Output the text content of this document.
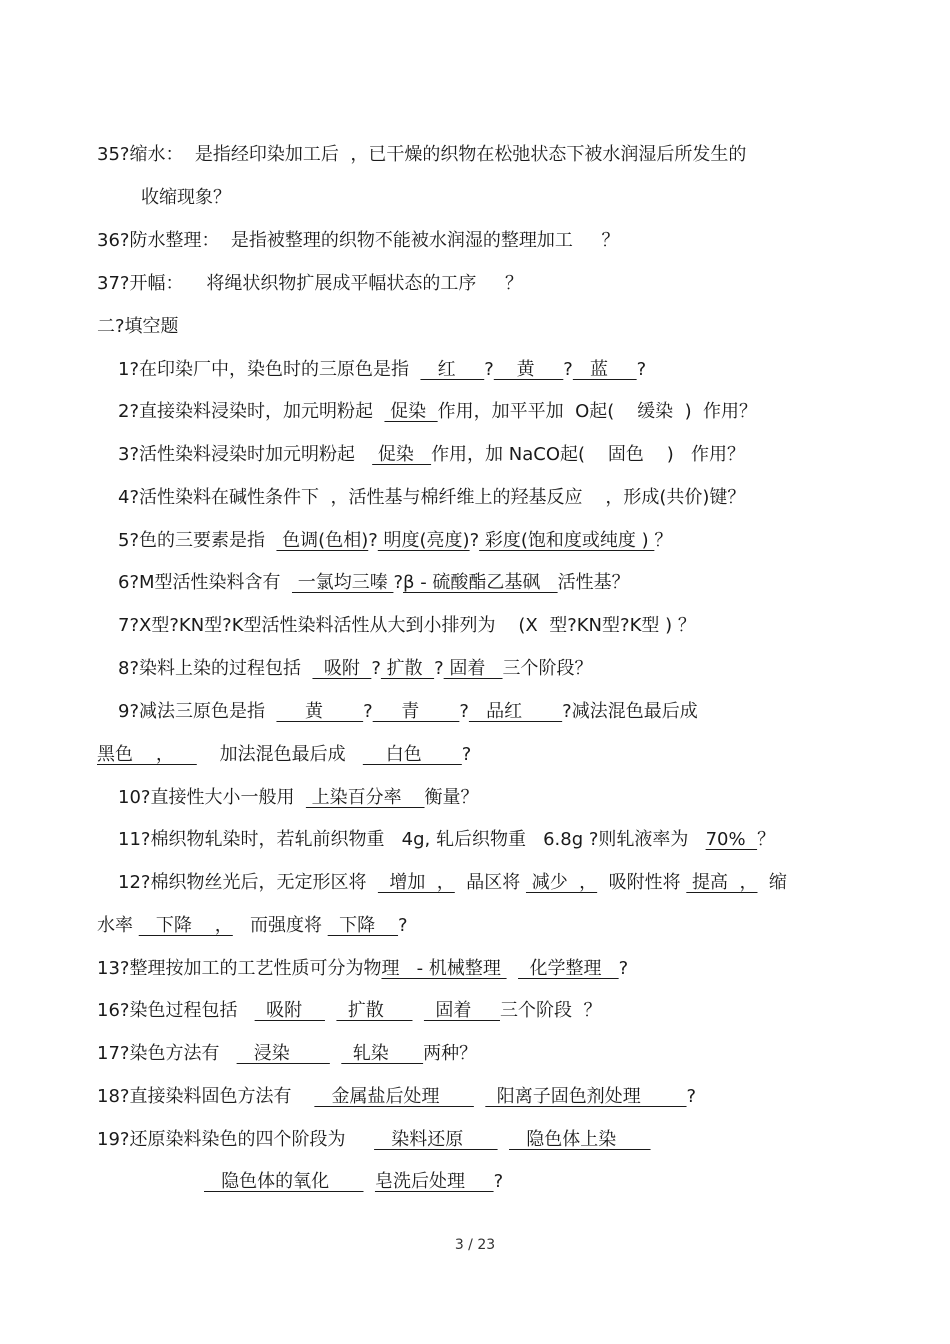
35?缩水：  是指经印染加工后  ，已干燥的织物在松弛状态下被水润湿后所发生的
收缩现象？
36?防水整理：  是指被整理的织物不能被水润湿的整理加工     ？
37?开幅：    将绳状织物扩展成平幅状态的工序     ？
二?填空题
1?在印染厂中，染色时的三原色是指     红     ?    黄     ?   蓝     ?
2?直接染料浸染时，加元明粉起   促染  作用，加平平加  O起(    缓染  )  作用？
3?活性染料浸染时加元明粉起    促染   作用，加 NaCO起(    固色    )   作用？
4?活性染料在碱性条件下  ，活性基与棉纤维上的羟基反应    ，形成(共价)键？
5?色的三要素是指   色调(色相)? 明度(亮度)? 彩度(饱和度或纯度 ) ？
6?M型活性染料含有   一氯均三嗪 ?β - 硫酸酯乙基砜   活性基？
7?X型?KN型?K型活性染料活性从大到小排列为    (X  型?KN型?K型 ) ？
8?染料上染的过程包括    吸附  ? 扩散  ? 固着   三个阶段？
9?减法三原色是指       黄       ?     青       ?   品红       ?减法混色最后成
黑色    ，        加法混色最后成       白色       ?
10?直接性大小一般用   上染百分率    衡量？
11?棉织物轧染时，若轧前织物重   4g, 轧后织物重   6.8g ?则轧液率为   70%  ？
12?棉织物丝光后，无定形区将    增加  ，  晶区将  减少  ，  吸附性将  提高  ，  缩
水率    下降    ，   而强度将   下降    ?
13?整理按加工的工艺性质可分为物理   - 机械整理     化学整理   ?
16?染色过程包括     吸附        扩散         固着     三个阶段  ？
17?染色方法有      浸染           轧染      两种？
18?直接染料固色方法有       金属盐后处理          阳离子固色剂处理        ?
19?还原染料染色的四个阶段为        染料还原           隐色体上染
隐色体的氧化        皂洗后处理     ?
3 / 23
